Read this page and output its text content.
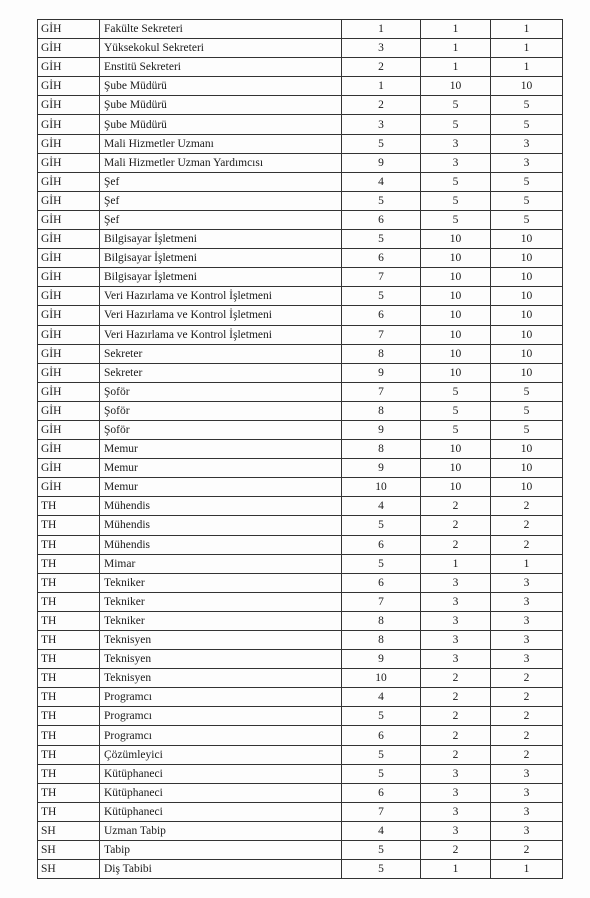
GİH	Fakülte Sekreteri	1	1	1
GİH	Yüksekokul Sekreteri	3	1	1
GİH	Enstitü Sekreteri	2	1	1
GİH	Şube Müdürü	1	10	10
GİH	Şube Müdürü	2	5	5
GİH	Şube Müdürü	3	5	5
GİH	Mali Hizmetler Uzmanı	5	3	3
GİH	Mali Hizmetler Uzman Yardımcısı	9	3	3
GİH	Şef	4	5	5
GİH	Şef	5	5	5
GİH	Şef	6	5	5
GİH	Bilgisayar İşletmeni	5	10	10
GİH	Bilgisayar İşletmeni	6	10	10
GİH	Bilgisayar İşletmeni	7	10	10
GİH	Veri Hazırlama ve Kontrol İşletmeni	5	10	10
GİH	Veri Hazırlama ve Kontrol İşletmeni	6	10	10
GİH	Veri Hazırlama ve Kontrol İşletmeni	7	10	10
GİH	Sekreter	8	10	10
GİH	Sekreter	9	10	10
GİH	Şoför	7	5	5
GİH	Şoför	8	5	5
GİH	Şoför	9	5	5
GİH	Memur	8	10	10
GİH	Memur	9	10	10
GİH	Memur	10	10	10
TH	Mühendis	4	2	2
TH	Mühendis	5	2	2
TH	Mühendis	6	2	2
TH	Mimar	5	1	1
TH	Tekniker	6	3	3
TH	Tekniker	7	3	3
TH	Tekniker	8	3	3
TH	Teknisyen	8	3	3
TH	Teknisyen	9	3	3
TH	Teknisyen	10	2	2
TH	Programcı	4	2	2
TH	Programcı	5	2	2
TH	Programcı	6	2	2
TH	Çözümleyici	5	2	2
TH	Kütüphaneci	5	3	3
TH	Kütüphaneci	6	3	3
TH	Kütüphaneci	7	3	3
SH	Uzman Tabip	4	3	3
SH	Tabip	5	2	2
SH	Diş Tabibi	5	1	1
